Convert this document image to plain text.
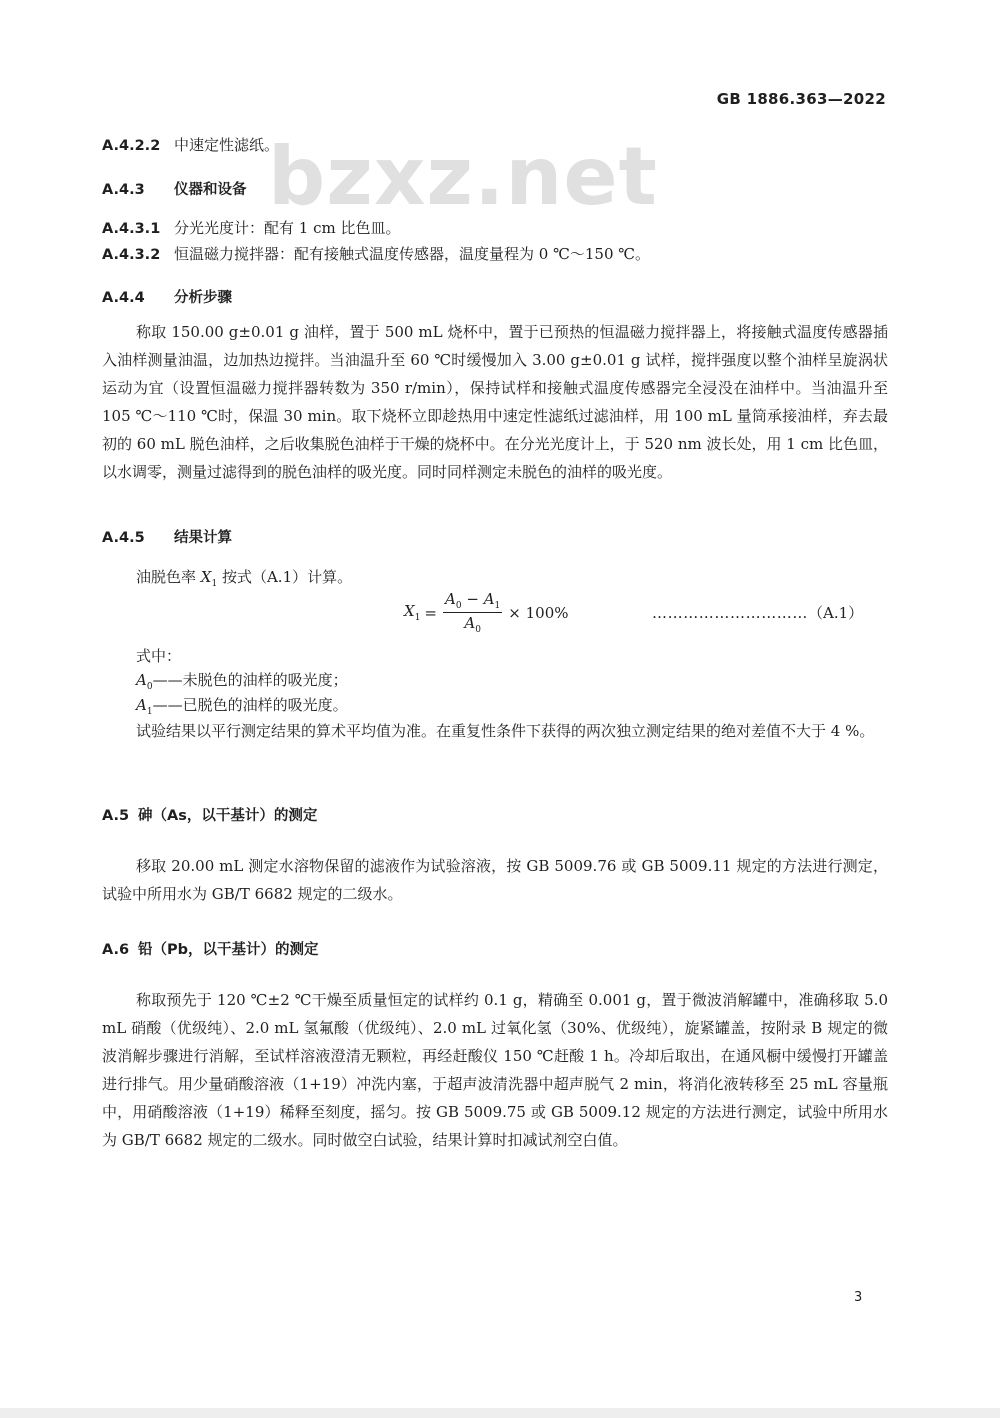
GB 1886.363—2022
bzxz.net
A.4.2.2 中速定性滤纸。
A.4.3 仪器和设备
A.4.3.1 分光光度计：配有 1 cm 比色皿。
A.4.3.2 恒温磁力搅拌器：配有接触式温度传感器，温度量程为 0 ℃～150 ℃。
A.4.4 分析步骤

称取 150.00 g±0.01 g 油样，置于 500 mL 烧杯中，置于已预热的恒温磁力搅拌器上，将接触式温度传感器插入油样测量油温，边加热边搅拌。当油温升至 60 ℃时缓慢加入 3.00 g±0.01 g 试样，搅拌强度以整个油样呈旋涡状运动为宜（设置恒温磁力搅拌器转数为 350 r/min），保持试样和接触式温度传感器完全浸没在油样中。当油温升至 105 ℃～110 ℃时，保温 30 min。取下烧杯立即趁热用中速定性滤纸过滤油样，用 100 mL 量筒承接油样，弃去最初的 60 mL 脱色油样，之后收集脱色油样于干燥的烧杯中。在分光光度计上，于 520 nm 波长处，用 1 cm 比色皿，以水调零，测量过滤得到的脱色油样的吸光度。同时同样测定未脱色的油样的吸光度。

A.4.5 结果计算
油脱色率 $X_1$ 按式（A.1）计算。
$X_1 = \frac{A_0 - A_1}{A_0} \times 100\%$	…………………………（A.1）
式中：
$A_0——$未脱色的油样的吸光度；
$A_1——$已脱色的油样的吸光度。

试验结果以平行测定结果的算术平均值为准。在重复性条件下获得的两次独立测定结果的绝对差值不大于 4 %。

A.5 砷（As，以干基计）的测定

移取 20.00 mL 测定水溶物保留的滤液作为试验溶液，按 GB 5009.76 或 GB 5009.11 规定的方法进行测定，试验中所用水为 GB/T 6682 规定的二级水。

A.6 铅（Pb，以干基计）的测定

称取预先于 120 ℃±2 ℃干燥至质量恒定的试样约 0.1 g，精确至 0.001 g，置于微波消解罐中，准确移取 5.0 mL 硝酸（优级纯）、2.0 mL 氢氟酸（优级纯）、2.0 mL 过氧化氢（30%、优级纯），旋紧罐盖，按附录 B 规定的微波消解步骤进行消解，至试样溶液澄清无颗粒，再经赶酸仪 150 ℃赶酸 1 h。冷却后取出，在通风橱中缓慢打开罐盖进行排气。用少量硝酸溶液（1+19）冲洗内塞，于超声波清洗器中超声脱气 2 min，将消化液转移至 25 mL 容量瓶中，用硝酸溶液（1+19）稀释至刻度，摇匀。按 GB 5009.75 或 GB 5009.12 规定的方法进行测定，试验中所用水为 GB/T 6682 规定的二级水。同时做空白试验，结果计算时扣减试剂空白值。

3
